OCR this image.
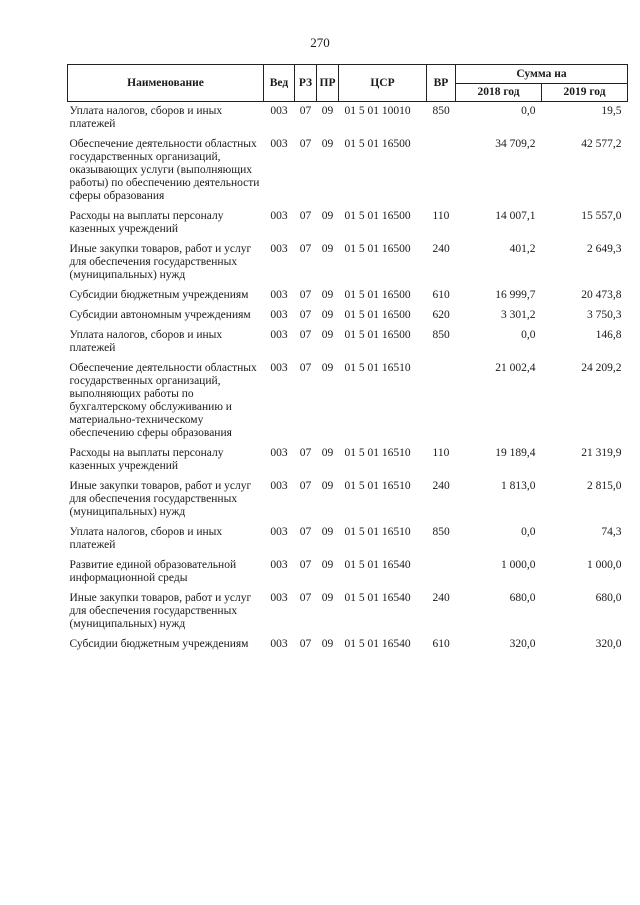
270
Наименование	Вед	РЗ	ПР	ЦСР	ВР	Сумма на	
						2018 год	2019 год
Уплата налогов, сборов и иных платежей	003	07	09	01 5 01 10010	850	0,0	19,5
Обеспечение деятельности областных государственных организаций, оказывающих услуги (выполняющих работы) по обеспечению деятельности сферы образования	003	07	09	01 5 01 16500		34 709,2	42 577,2
Расходы на выплаты персоналу казенных учреждений	003	07	09	01 5 01 16500	110	14 007,1	15 557,0
Иные закупки товаров, работ и услуг для обеспечения государственных (муниципальных) нужд	003	07	09	01 5 01 16500	240	401,2	2 649,3
Субсидии бюджетным учреждениям	003	07	09	01 5 01 16500	610	16 999,7	20 473,8
Субсидии автономным учреждениям	003	07	09	01 5 01 16500	620	3 301,2	3 750,3
Уплата налогов, сборов и иных платежей	003	07	09	01 5 01 16500	850	0,0	146,8
Обеспечение деятельности областных государственных организаций, выполняющих работы по бухгалтерскому обслуживанию и материально-техническому обеспечению сферы образования	003	07	09	01 5 01 16510		21 002,4	24 209,2
Расходы на выплаты персоналу казенных учреждений	003	07	09	01 5 01 16510	110	19 189,4	21 319,9
Иные закупки товаров, работ и услуг для обеспечения государственных (муниципальных) нужд	003	07	09	01 5 01 16510	240	1 813,0	2 815,0
Уплата налогов, сборов и иных платежей	003	07	09	01 5 01 16510	850	0,0	74,3
Развитие единой образовательной информационной среды	003	07	09	01 5 01 16540		1 000,0	1 000,0
Иные закупки товаров, работ и услуг для обеспечения государственных (муниципальных) нужд	003	07	09	01 5 01 16540	240	680,0	680,0
Субсидии бюджетным учреждениям	003	07	09	01 5 01 16540	610	320,0	320,0
